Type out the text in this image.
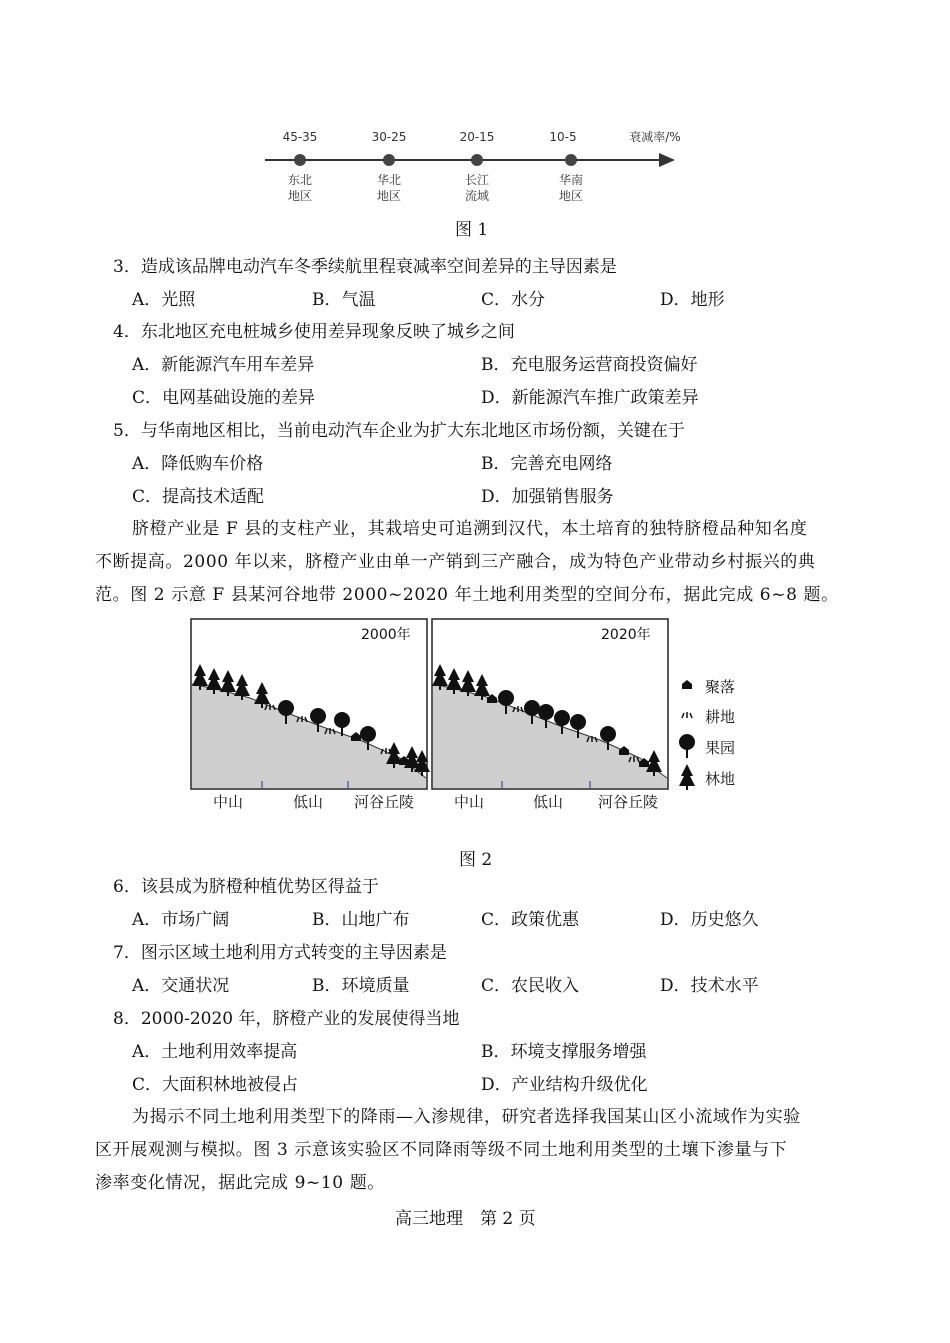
45-35	30-25	20-15	10-5	衰减率/%
东北
地区
华北
地区
长江
流域
华南
地区
图 1
3．造成该品牌电动汽车冬季续航里程衰减率空间差异的主导因素是
A．光照	B．气温	C．水分	D．地形
4．东北地区充电桩城乡使用差异现象反映了城乡之间
A．新能源汽车用车差异	B．充电服务运营商投资偏好
C．电网基础设施的差异	D．新能源汽车推广政策差异
5．与华南地区相比，当前电动汽车企业为扩大东北地区市场份额，关键在于
A．降低购车价格	B．完善充电网络
C．提高技术适配	D．加强销售服务
脐橙产业是 F 县的支柱产业，其栽培史可追溯到汉代，本土培育的独特脐橙品种知名度
不断提高。2000 年以来，脐橙产业由单一产销到三产融合，成为特色产业带动乡村振兴的典
范。图 2 示意 F 县某河谷地带 2000~2020 年土地利用类型的空间分布，据此完成 6~8 题。
2000年	2020年
聚落
耕地
果园
林地
中山	低山 河谷丘陵	中山	低山 河谷丘陵
图 2
6．该县成为脐橙种植优势区得益于
A．市场广阔	B．山地广布	C．政策优惠	D．历史悠久
7．图示区域土地利用方式转变的主导因素是
A．交通状况	B．环境质量	C．农民收入	D．技术水平
8．2000-2020 年，脐橙产业的发展使得当地
A．土地利用效率提高	B．环境支撑服务增强
C．大面积林地被侵占	D．产业结构升级优化
为揭示不同土地利用类型下的降雨—入渗规律，研究者选择我国某山区小流域作为实验
区开展观测与模拟。图 3 示意该实验区不同降雨等级不同土地利用类型的土壤下渗量与下
渗率变化情况，据此完成 9~10 题。
高三地理　第 2 页
